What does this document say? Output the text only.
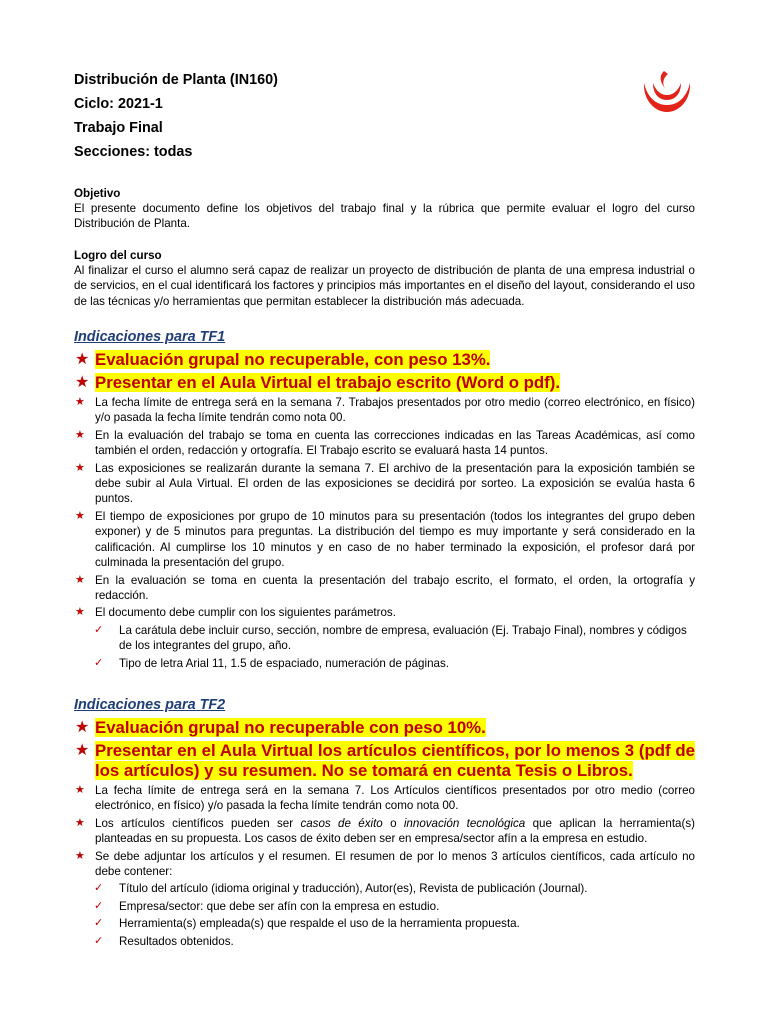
Distribución de Planta (IN160)
Ciclo: 2021-1
Trabajo Final
Secciones: todas
Objetivo
El presente documento define los objetivos del trabajo final y la rúbrica que permite evaluar el logro del curso Distribución de Planta.
Logro del curso
Al finalizar el curso el alumno será capaz de realizar un proyecto de distribución de planta de una empresa industrial o de servicios, en el cual identificará los factores y principios más importantes en el diseño del layout, considerando el uso de las técnicas y/o herramientas que permitan establecer la distribución más adecuada.
Indicaciones para TF1
★ Evaluación grupal no recuperable, con peso 13%.
★ Presentar en el Aula Virtual el trabajo escrito (Word o pdf).
★ La fecha límite de entrega será en la semana 7. Trabajos presentados por otro medio (correo electrónico, en físico) y/o pasada la fecha límite tendrán como nota 00.
★ En la evaluación del trabajo se toma en cuenta las correcciones indicadas en las Tareas Académicas, así como también el orden, redacción y ortografía. El Trabajo escrito se evaluará hasta 14 puntos.
★ Las exposiciones se realizarán durante la semana 7. El archivo de la presentación para la exposición también se debe subir al Aula Virtual. El orden de las exposiciones se decidirá por sorteo. La exposición se evalúa hasta 6 puntos.
★ El tiempo de exposiciones por grupo de 10 minutos para su presentación (todos los integrantes del grupo deben exponer) y de 5 minutos para preguntas. La distribución del tiempo es muy importante y será considerado en la calificación. Al cumplirse los 10 minutos y en caso de no haber terminado la exposición, el profesor dará por culminada la presentación del grupo.
★ En la evaluación se toma en cuenta la presentación del trabajo escrito, el formato, el orden, la ortografía y redacción.
★ El documento debe cumplir con los siguientes parámetros.
✓	La carátula debe incluir curso, sección, nombre de empresa, evaluación (Ej. Trabajo Final), nombres y códigos de los integrantes del grupo, año.
✓	Tipo de letra Arial 11, 1.5 de espaciado, numeración de páginas.
Indicaciones para TF2
★ Evaluación grupal no recuperable con peso 10%.
★ Presentar en el Aula Virtual los artículos científicos, por lo menos 3 (pdf de los artículos) y su resumen. No se tomará en cuenta Tesis o Libros.
★ La fecha límite de entrega será en la semana 7. Los Artículos científicos presentados por otro medio (correo electrónico, en físico) y/o pasada la fecha límite tendrán como nota 00.
★ Los artículos científicos pueden ser casos de éxito o innovación tecnológica que aplican la herramienta(s) planteadas en su propuesta. Los casos de éxito deben ser en empresa/sector afín a la empresa en estudio.
★ Se debe adjuntar los artículos y el resumen. El resumen de por lo menos 3 artículos científicos, cada artículo no debe contener:
✓	Título del artículo (idioma original y traducción), Autor(es), Revista de publicación (Journal).
✓	Empresa/sector: que debe ser afín con la empresa en estudio.
✓	Herramienta(s) empleada(s) que respalde el uso de la herramienta propuesta.
✓	Resultados obtenidos.
